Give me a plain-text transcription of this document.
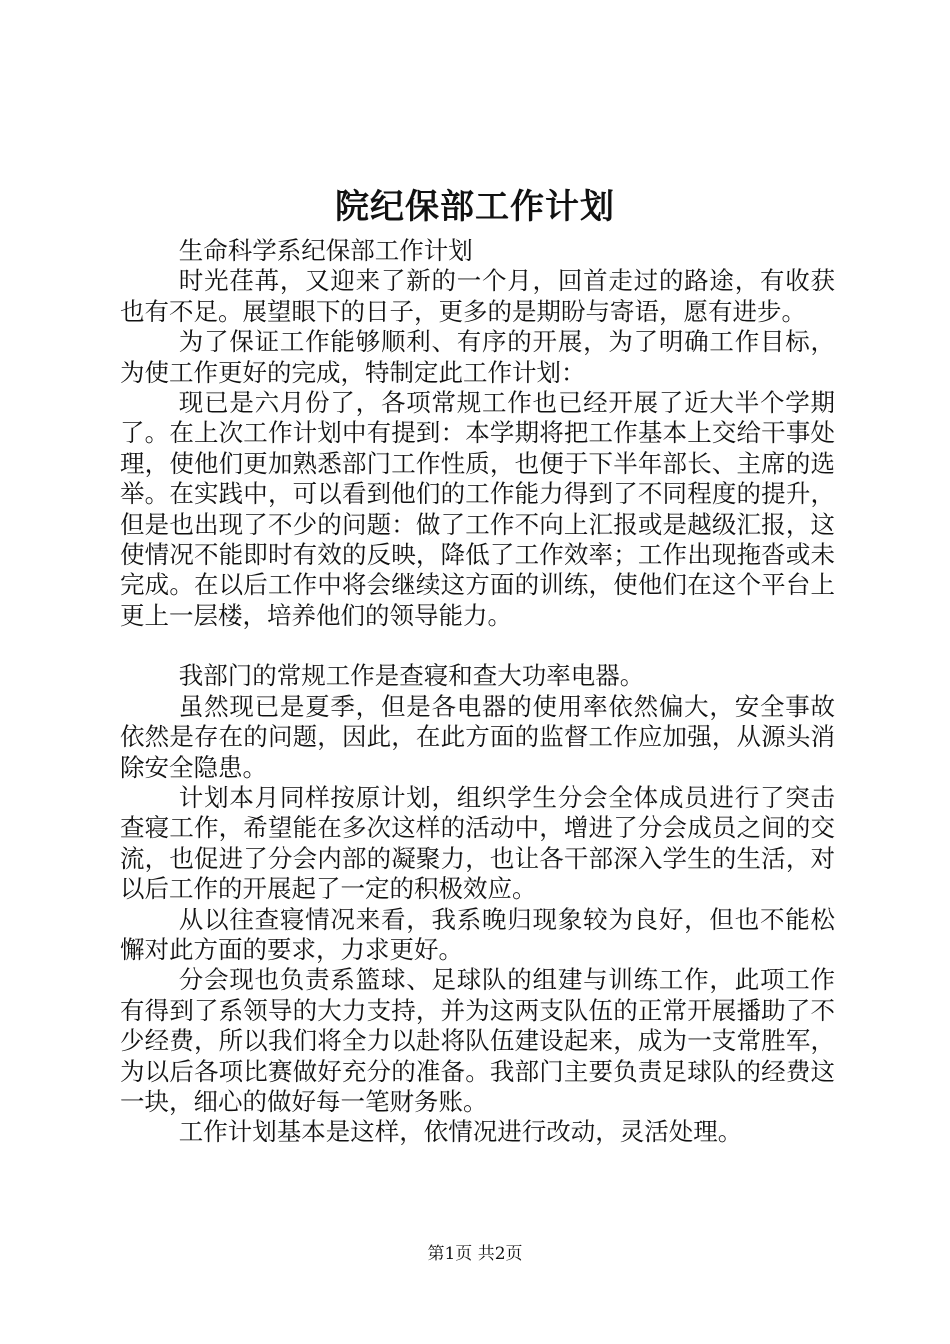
院纪保部工作计划

生命科学系纪保部工作计划

时光荏苒，又迎来了新的一个月，回首走过的路途，有收获也有不足。展望眼下的日子，更多的是期盼与寄语，愿有进步。

为了保证工作能够顺利、有序的开展，为了明确工作目标，为使工作更好的完成，特制定此工作计划：

现已是六月份了，各项常规工作也已经开展了近大半个学期了。在上次工作计划中有提到：本学期将把工作基本上交给干事处理，使他们更加熟悉部门工作性质，也便于下半年部长、主席的选举。在实践中，可以看到他们的工作能力得到了不同程度的提升，但是也出现了不少的问题：做了工作不向上汇报或是越级汇报，这使情况不能即时有效的反映，降低了工作效率；工作出现拖沓或未完成。在以后工作中将会继续这方面的训练，使他们在这个平台上更上一层楼，培养他们的领导能力。

我部门的常规工作是查寝和查大功率电器。

虽然现已是夏季，但是各电器的使用率依然偏大，安全事故依然是存在的问题，因此，在此方面的监督工作应加强，从源头消除安全隐患。

计划本月同样按原计划，组织学生分会全体成员进行了突击查寝工作，希望能在多次这样的活动中，增进了分会成员之间的交流，也促进了分会内部的凝聚力，也让各干部深入学生的生活，对以后工作的开展起了一定的积极效应。

从以往查寝情况来看，我系晚归现象较为良好，但也不能松懈对此方面的要求，力求更好。

分会现也负责系篮球、足球队的组建与训练工作，此项工作有得到了系领导的大力支持，并为这两支队伍的正常开展播助了不少经费，所以我们将全力以赴将队伍建设起来，成为一支常胜军，为以后各项比赛做好充分的准备。我部门主要负责足球队的经费这一块，细心的做好每一笔财务账。

工作计划基本是这样，依情况进行改动，灵活处理。

第1页 共2页
